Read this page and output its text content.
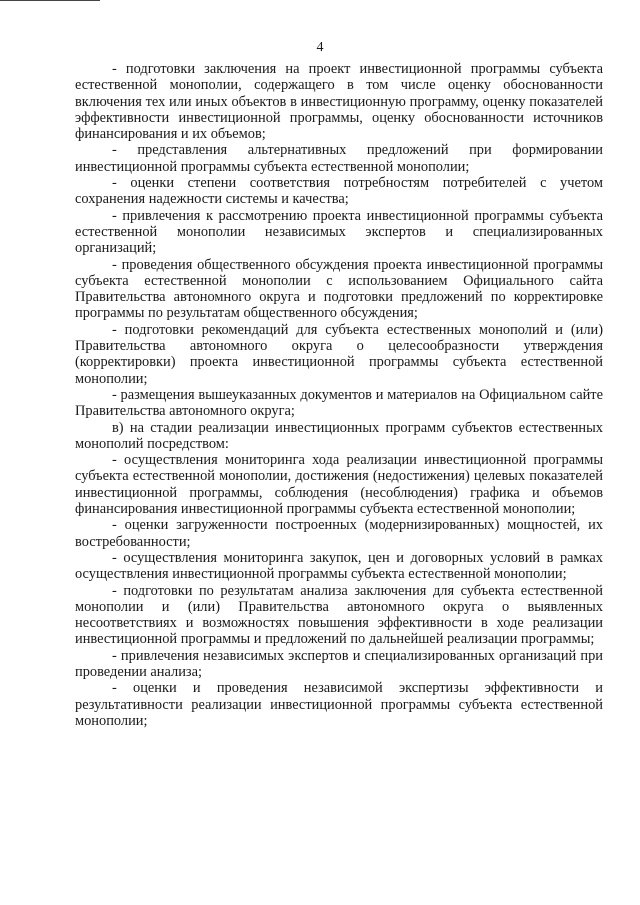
4

- подготовки заключения на проект инвестиционной программы субъекта естественной монополии, содержащего в том числе оценку обоснованности включения тех или иных объектов в инвестиционную программу, оценку показателей эффективности инвестиционной программы, оценку обоснованности источников финансирования и их объемов;

- представления альтернативных предложений при формировании инвестиционной программы субъекта естественной монополии;

- оценки степени соответствия потребностям потребителей с учетом сохранения надежности системы и качества;

- привлечения к рассмотрению проекта инвестиционной программы субъекта естественной монополии независимых экспертов и специализированных организаций;

- проведения общественного обсуждения проекта инвестиционной программы субъекта естественной монополии с использованием Официального сайта Правительства автономного округа и подготовки предложений по корректировке программы по результатам общественного обсуждения;

- подготовки рекомендаций для субъекта естественных монополий и (или) Правительства автономного округа о целесообразности утверждения (корректировки) проекта инвестиционной программы субъекта естественной монополии;

- размещения вышеуказанных документов и материалов на Официальном сайте Правительства автономного округа;

в) на стадии реализации инвестиционных программ субъектов естественных монополий посредством:

- осуществления мониторинга хода реализации инвестиционной программы субъекта естественной монополии, достижения (недостижения) целевых показателей инвестиционной программы, соблюдения (несоблюдения) графика и объемов финансирования инвестиционной программы субъекта естественной монополии;

- оценки загруженности построенных (модернизированных) мощностей, их востребованности;

- осуществления мониторинга закупок, цен и договорных условий в рамках осуществления инвестиционной программы субъекта естественной монополии;

- подготовки по результатам анализа заключения для субъекта естественной монополии и (или) Правительства автономного округа о выявленных несоответствиях и возможностях повышения эффективности в ходе реализации инвестиционной программы и предложений по дальнейшей реализации программы;

- привлечения независимых экспертов и специализированных организаций при проведении анализа;

- оценки и проведения независимой экспертизы эффективности и результативности реализации инвестиционной программы субъекта естественной монополии;
